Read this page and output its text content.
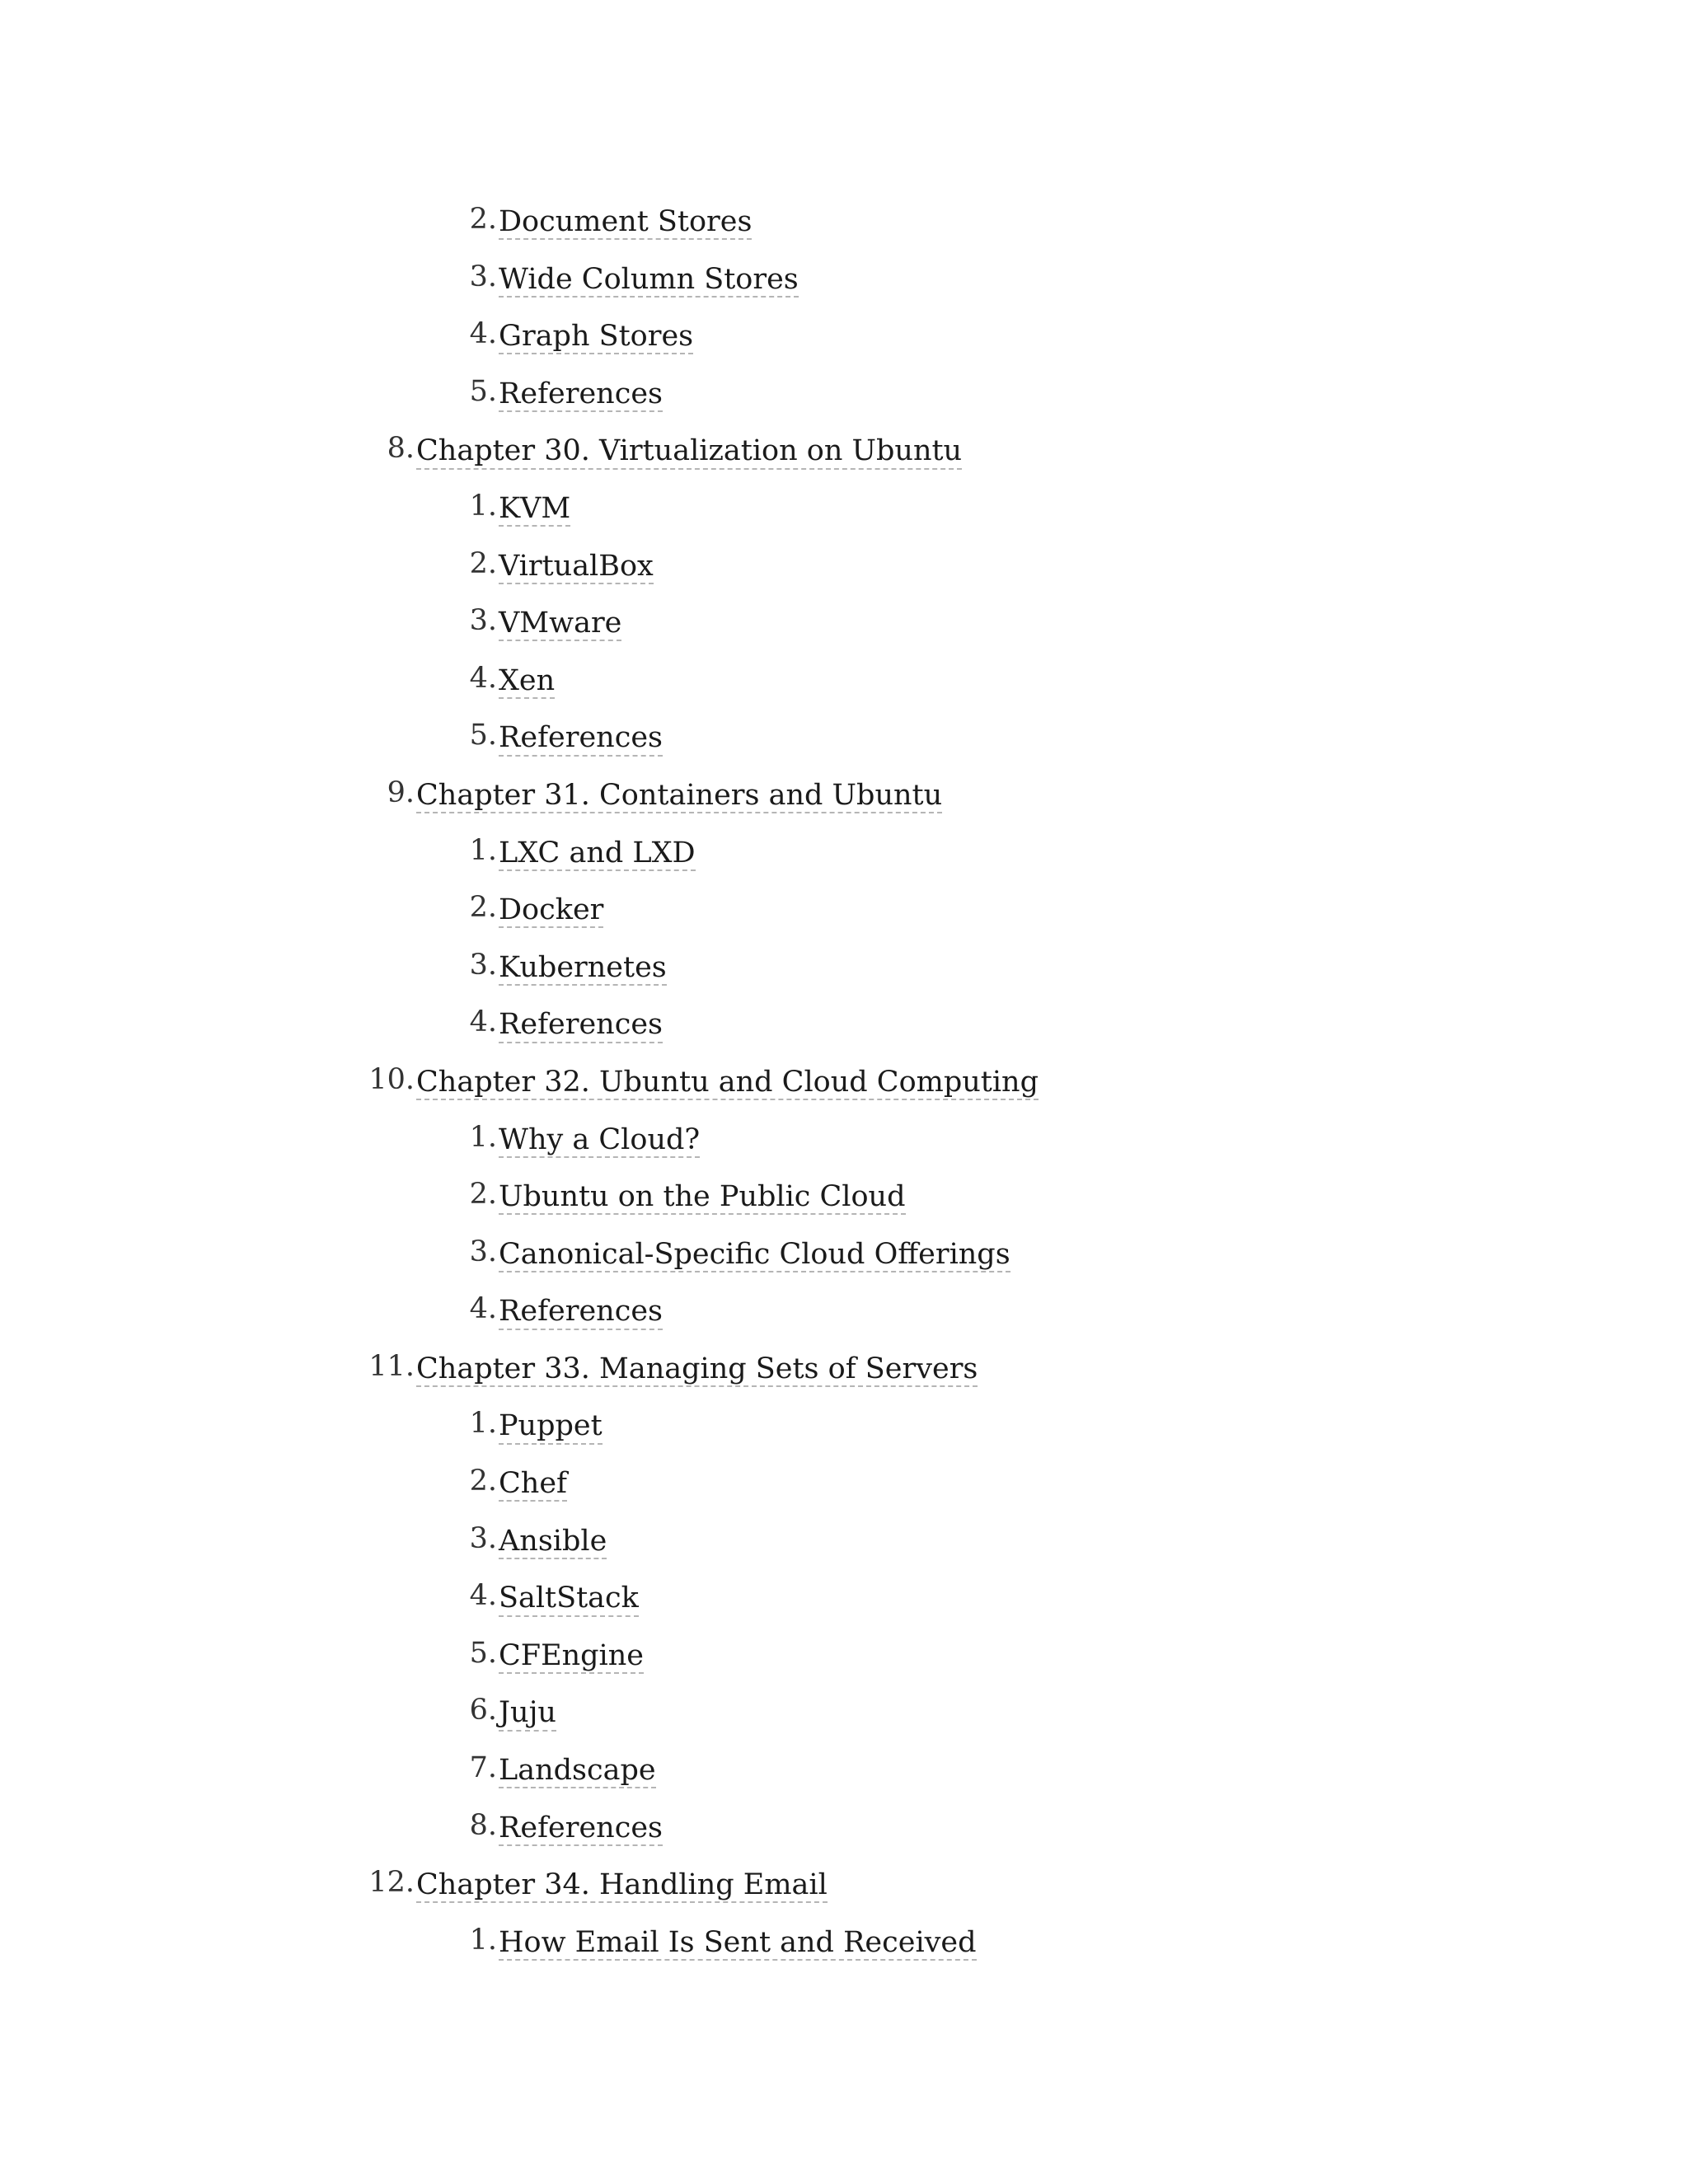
2. Document Stores
3. Wide Column Stores
4. Graph Stores
5. References
8. Chapter 30. Virtualization on Ubuntu
1. KVM
2. VirtualBox
3. VMware
4. Xen
5. References
9. Chapter 31. Containers and Ubuntu
1. LXC and LXD
2. Docker
3. Kubernetes
4. References
10. Chapter 32. Ubuntu and Cloud Computing
1. Why a Cloud?
2. Ubuntu on the Public Cloud
3. Canonical-Specific Cloud Offerings
4. References
11. Chapter 33. Managing Sets of Servers
1. Puppet
2. Chef
3. Ansible
4. SaltStack
5. CFEngine
6. Juju
7. Landscape
8. References
12. Chapter 34. Handling Email
1. How Email Is Sent and Received
